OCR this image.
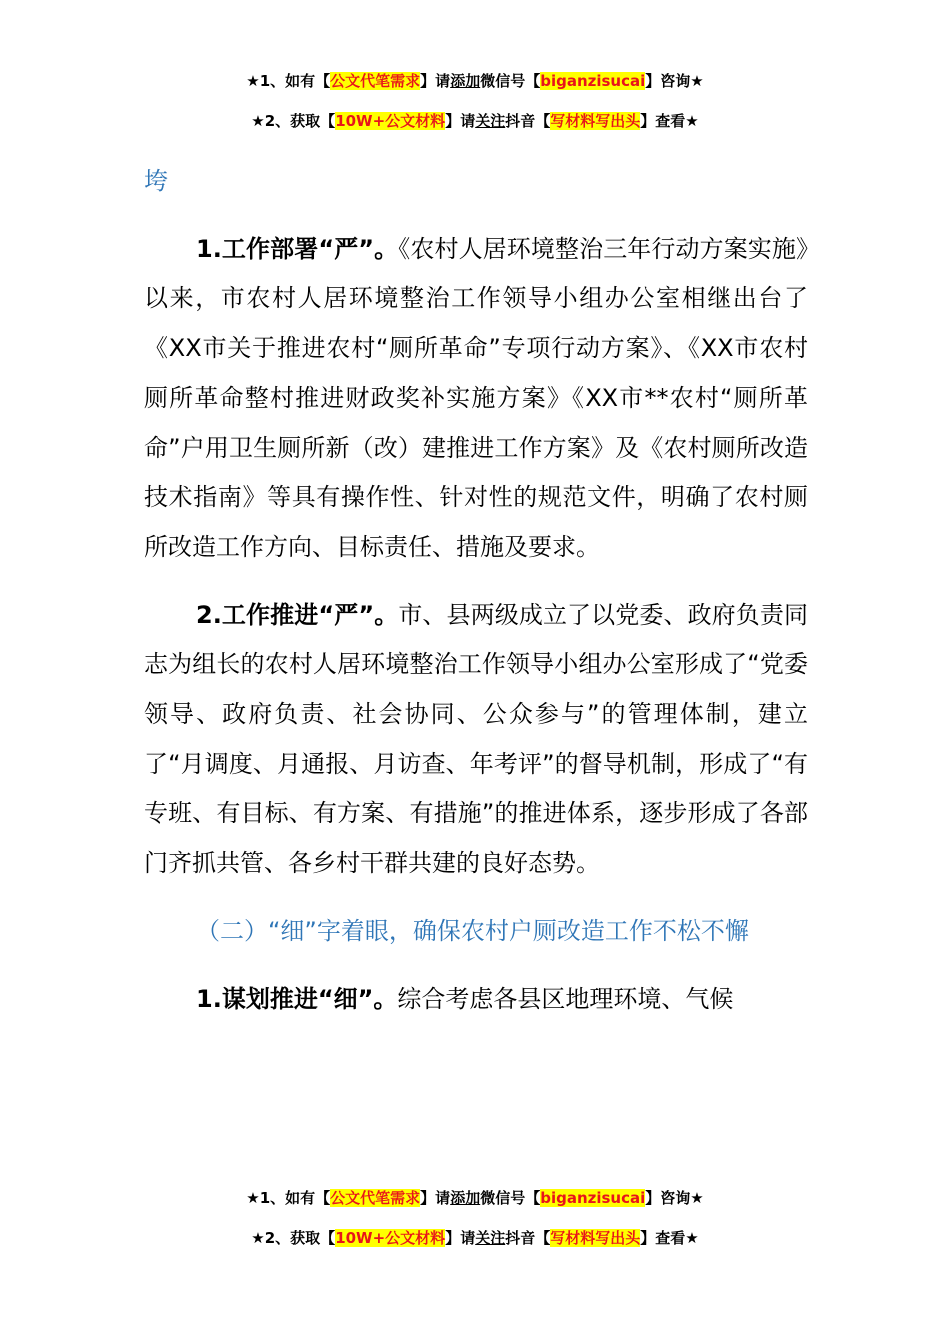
★1、如有【公文代笔需求】请添加微信号【biganzisucai】咨询★
★2、获取【10W+公文材料】请关注抖音【写材料写出头】查看★

垮

1.工作部署“严”。《农村人居环境整治三年行动方案实施》以来，市农村人居环境整治工作领导小组办公室相继出台了《XX市关于推进农村“厕所革命”专项行动方案》、《XX市农村厕所革命整村推进财政奖补实施方案》《XX市**农村“厕所革命”户用卫生厕所新（改）建推进工作方案》及《农村厕所改造技术指南》等具有操作性、针对性的规范文件，明确了农村厕所改造工作方向、目标责任、措施及要求。

2.工作推进“严”。市、县两级成立了以党委、政府负责同志为组长的农村人居环境整治工作领导小组办公室形成了“党委领导、政府负责、社会协同、公众参与”的管理体制，建立了“月调度、月通报、月访查、年考评”的督导机制，形成了“有专班、有目标、有方案、有措施”的推进体系，逐步形成了各部门齐抓共管、各乡村干群共建的良好态势。

（二）“细”字着眼，确保农村户厕改造工作不松不懈

1.谋划推进“细”。综合考虑各县区地理环境、气候

★1、如有【公文代笔需求】请添加微信号【biganzisucai】咨询★
★2、获取【10W+公文材料】请关注抖音【写材料写出头】查看★
